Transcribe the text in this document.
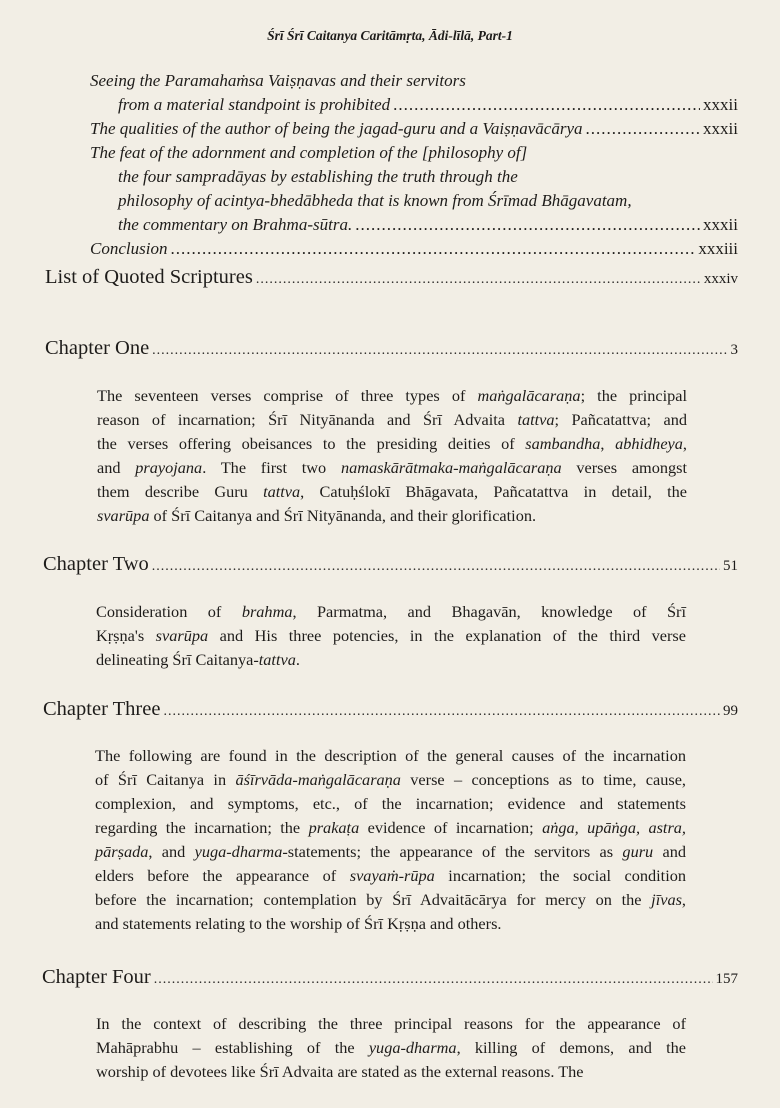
Śrī Śrī Caitanya Caritāmṛta, Ādi-līlā, Part-1
Seeing the Paramahaṁsa Vaiṣṇavas and their servitors
from a material standpoint is prohibited .....	xxxii
The qualities of the author of being the jagad-guru and a Vaiṣṇavācārya .....	xxxii
The feat of the adornment and completion of the [philosophy of]
the four sampradāyas by establishing the truth through the
philosophy of acintya-bhedābheda that is known from Śrīmad Bhāgavatam,
the commentary on Brahma-sūtra. .....	xxxii
Conclusion .....	xxxiii
List of Quoted Scriptures .....	xxxiv
Chapter One .....	3
The seventeen verses comprise of three types of maṅgalācaraṇa; the principal
reason of incarnation; Śrī Nityānanda and Śrī Advaita tattva; Pañcatattva; and
the verses offering obeisances to the presiding deities of sambandha, abhidheya,
and prayojana. The first two namaskārātmaka-maṅgalācaraṇa verses amongst
them describe Guru tattva, Catuḥślokī Bhāgavata, Pañcatattva in detail, the
svarūpa of Śrī Caitanya and Śrī Nityānanda, and their glorification.
Chapter Two .....	51
Consideration of brahma, Parmatma, and Bhagavān, knowledge of Śrī
Kṛṣṇa's svarūpa and His three potencies, in the explanation of the third verse
delineating Śrī Caitanya-tattva.
Chapter Three .....	99
The following are found in the description of the general causes of the incarnation
of Śrī Caitanya in āśīrvāda-maṅgalācaraṇa verse – conceptions as to time, cause,
complexion, and symptoms, etc., of the incarnation; evidence and statements
regarding the incarnation; the prakaṭa evidence of incarnation; aṅga, upāṅga, astra,
pārṣada, and yuga-dharma-statements; the appearance of the servitors as guru and
elders before the appearance of svayaṁ-rūpa incarnation; the social condition
before the incarnation; contemplation by Śrī Advaitācārya for mercy on the jīvas,
and statements relating to the worship of Śrī Kṛṣṇa and others.
Chapter Four .....	157
In the context of describing the three principal reasons for the appearance of
Mahāprabhu – establishing of the yuga-dharma, killing of demons, and the
worship of devotees like Śrī Advaita are stated as the external reasons. The
